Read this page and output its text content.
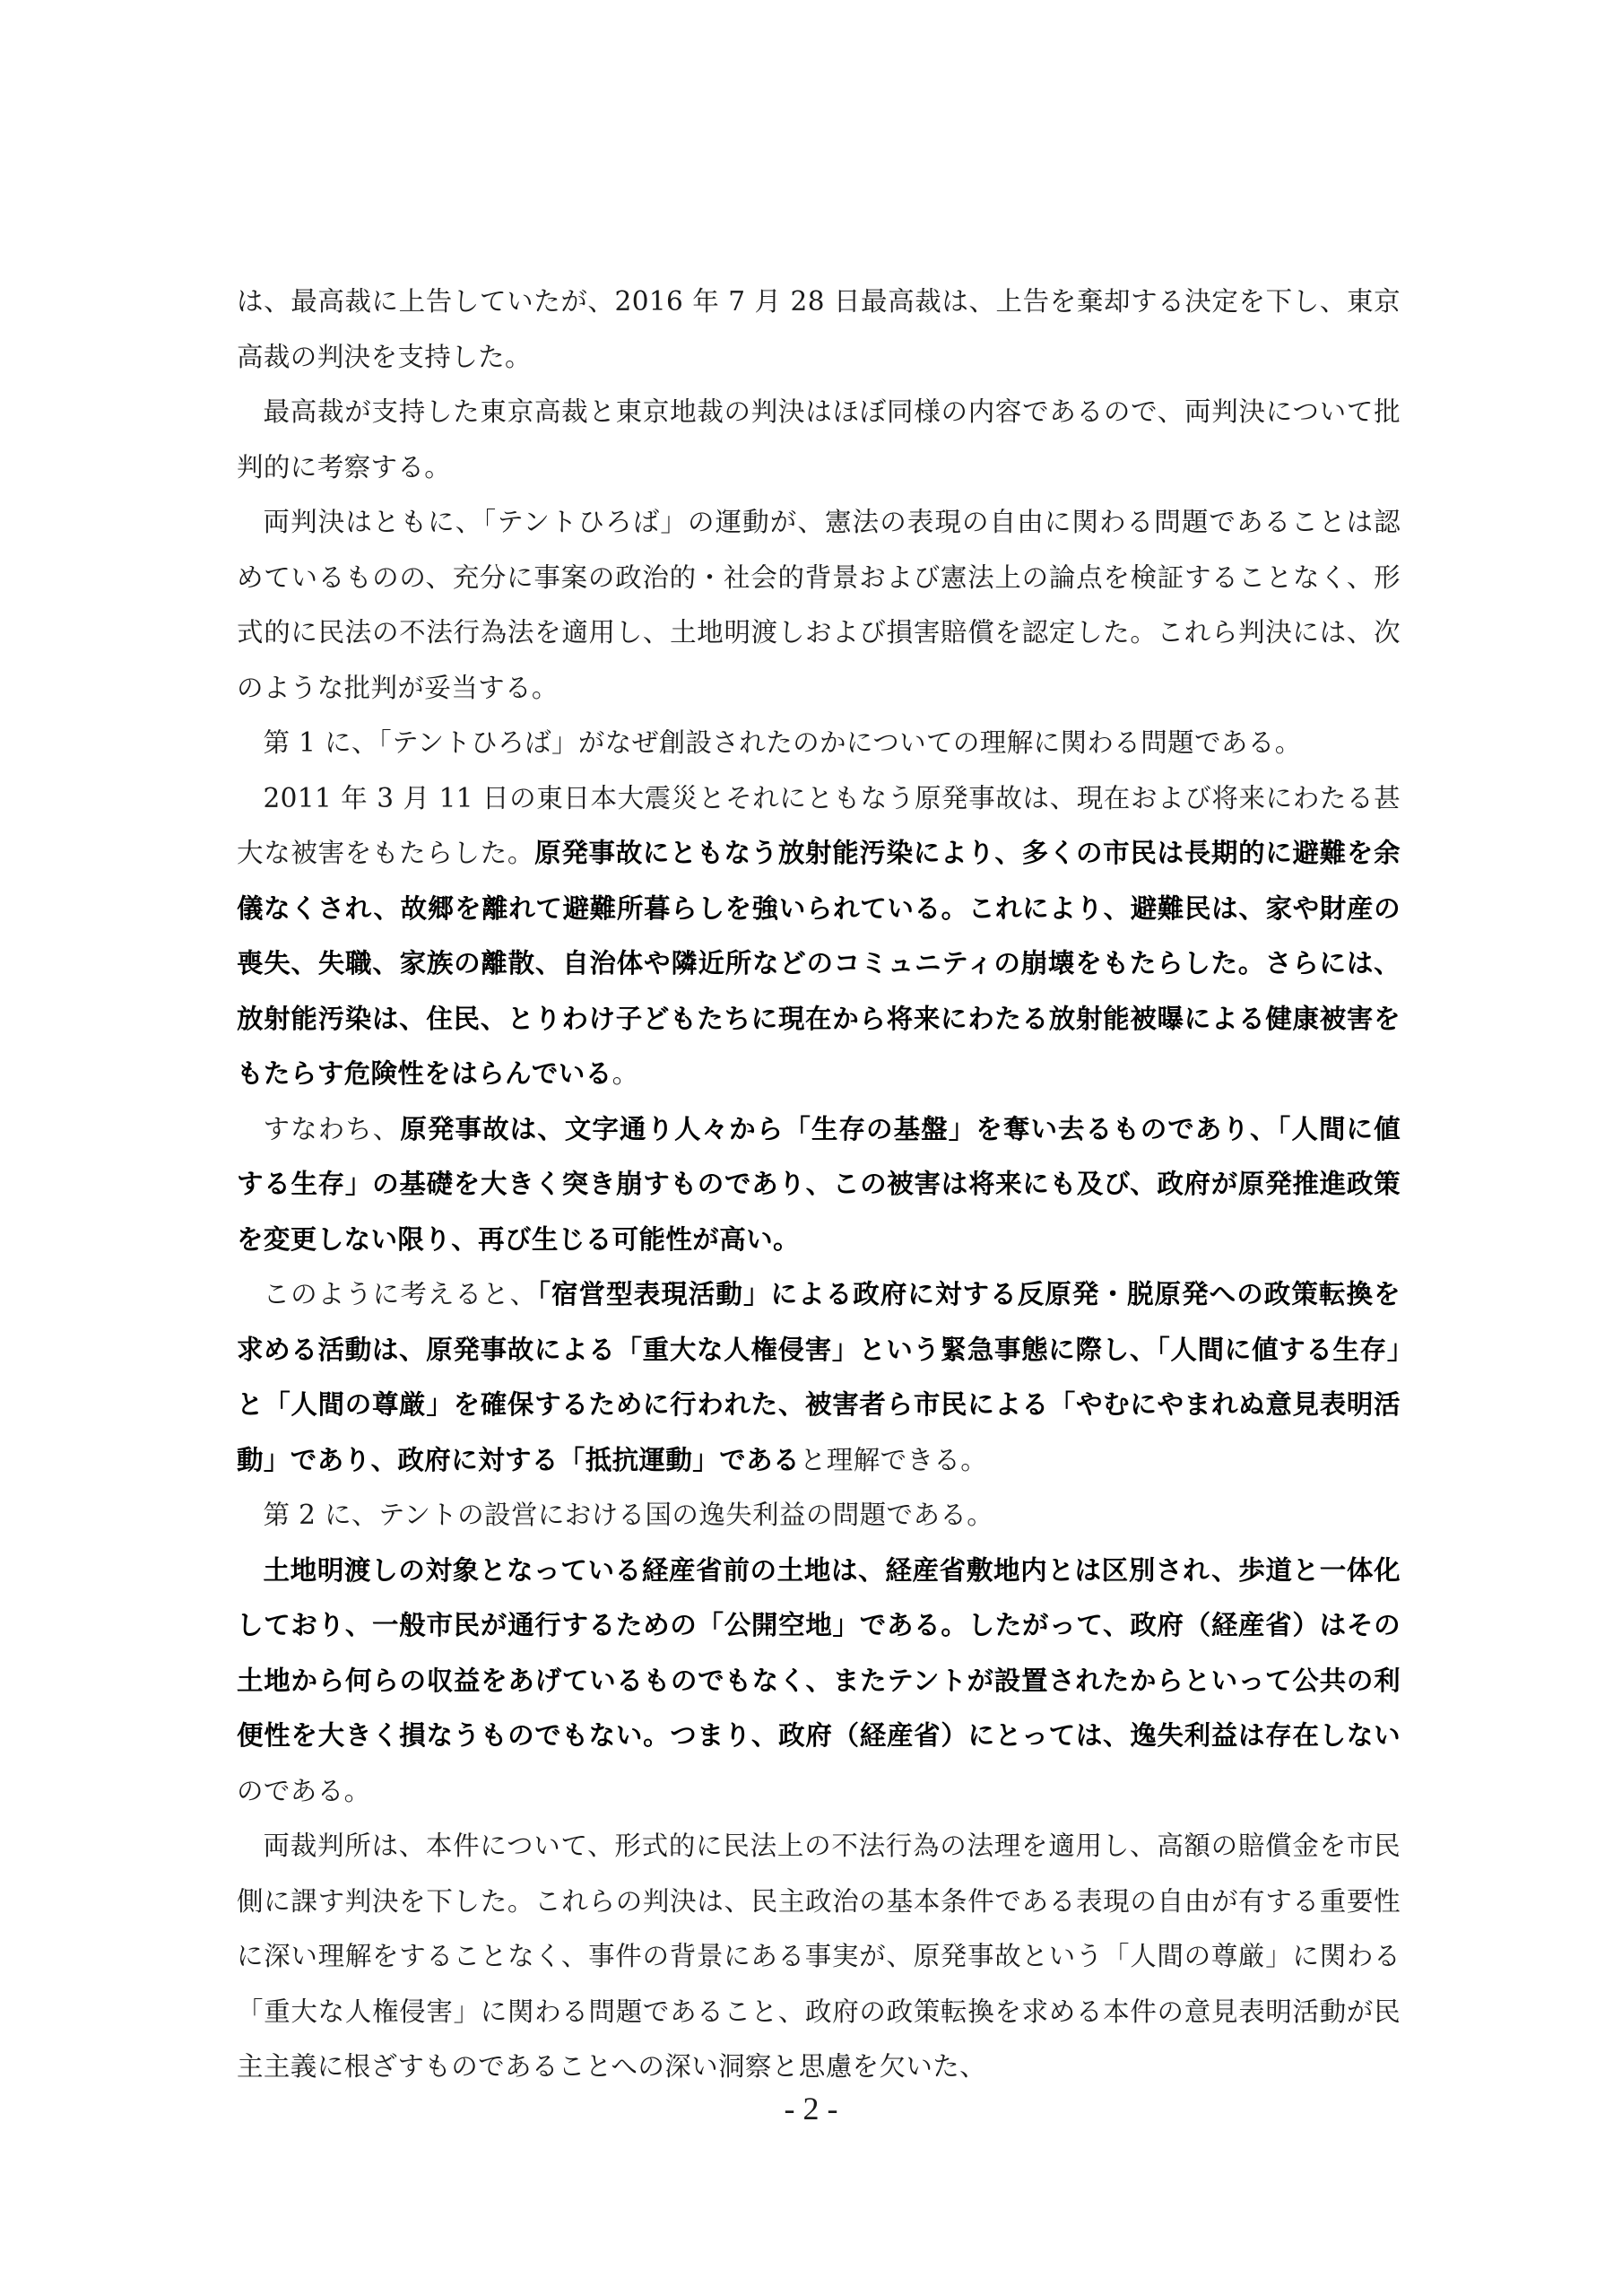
は、最高裁に上告していたが、2016 年 7 月 28 日最高裁は、上告を棄却する決定を下し、東京高裁の判決を支持した。

最高裁が支持した東京高裁と東京地裁の判決はほぼ同様の内容であるので、両判決について批判的に考察する。

両判決はともに、「テントひろば」の運動が、憲法の表現の自由に関わる問題であることは認めているものの、充分に事案の政治的・社会的背景および憲法上の論点を検証することなく、形式的に民法の不法行為法を適用し、土地明渡しおよび損害賠償を認定した。これら判決には、次のような批判が妥当する。

第 1 に、「テントひろば」がなぜ創設されたのかについての理解に関わる問題である。

2011 年 3 月 11 日の東日本大震災とそれにともなう原発事故は、現在および将来にわたる甚大な被害をもたらした。原発事故にともなう放射能汚染により、多くの市民は長期的に避難を余儀なくされ、故郷を離れて避難所暮らしを強いられている。これにより、避難民は、家や財産の喪失、失職、家族の離散、自治体や隣近所などのコミュニティの崩壊をもたらした。さらには、放射能汚染は、住民、とりわけ子どもたちに現在から将来にわたる放射能被曝による健康被害をもたらす危険性をはらんでいる。

すなわち、原発事故は、文字通り人々から「生存の基盤」を奪い去るものであり、「人間に値する生存」の基礎を大きく突き崩すものであり、この被害は将来にも及び、政府が原発推進政策を変更しない限り、再び生じる可能性が高い。

このように考えると、「宿営型表現活動」による政府に対する反原発・脱原発への政策転換を求める活動は、原発事故による「重大な人権侵害」という緊急事態に際し、「人間に値する生存」と「人間の尊厳」を確保するために行われた、被害者ら市民による「やむにやまれぬ意見表明活動」であり、政府に対する「抵抗運動」であると理解できる。

第 2 に、テントの設営における国の逸失利益の問題である。

土地明渡しの対象となっている経産省前の土地は、経産省敷地内とは区別され、歩道と一体化しており、一般市民が通行するための「公開空地」である。したがって、政府（経産省）はその土地から何らの収益をあげているものでもなく、またテントが設置されたからといって公共の利便性を大きく損なうものでもない。つまり、政府（経産省）にとっては、逸失利益は存在しないのである。

両裁判所は、本件について、形式的に民法上の不法行為の法理を適用し、高額の賠償金を市民側に課す判決を下した。これらの判決は、民主政治の基本条件である表現の自由が有する重要性に深い理解をすることなく、事件の背景にある事実が、原発事故という「人間の尊厳」に関わる「重大な人権侵害」に関わる問題であること、政府の政策転換を求める本件の意見表明活動が民主主義に根ざすものであることへの深い洞察と思慮を欠いた、

- 2 -
